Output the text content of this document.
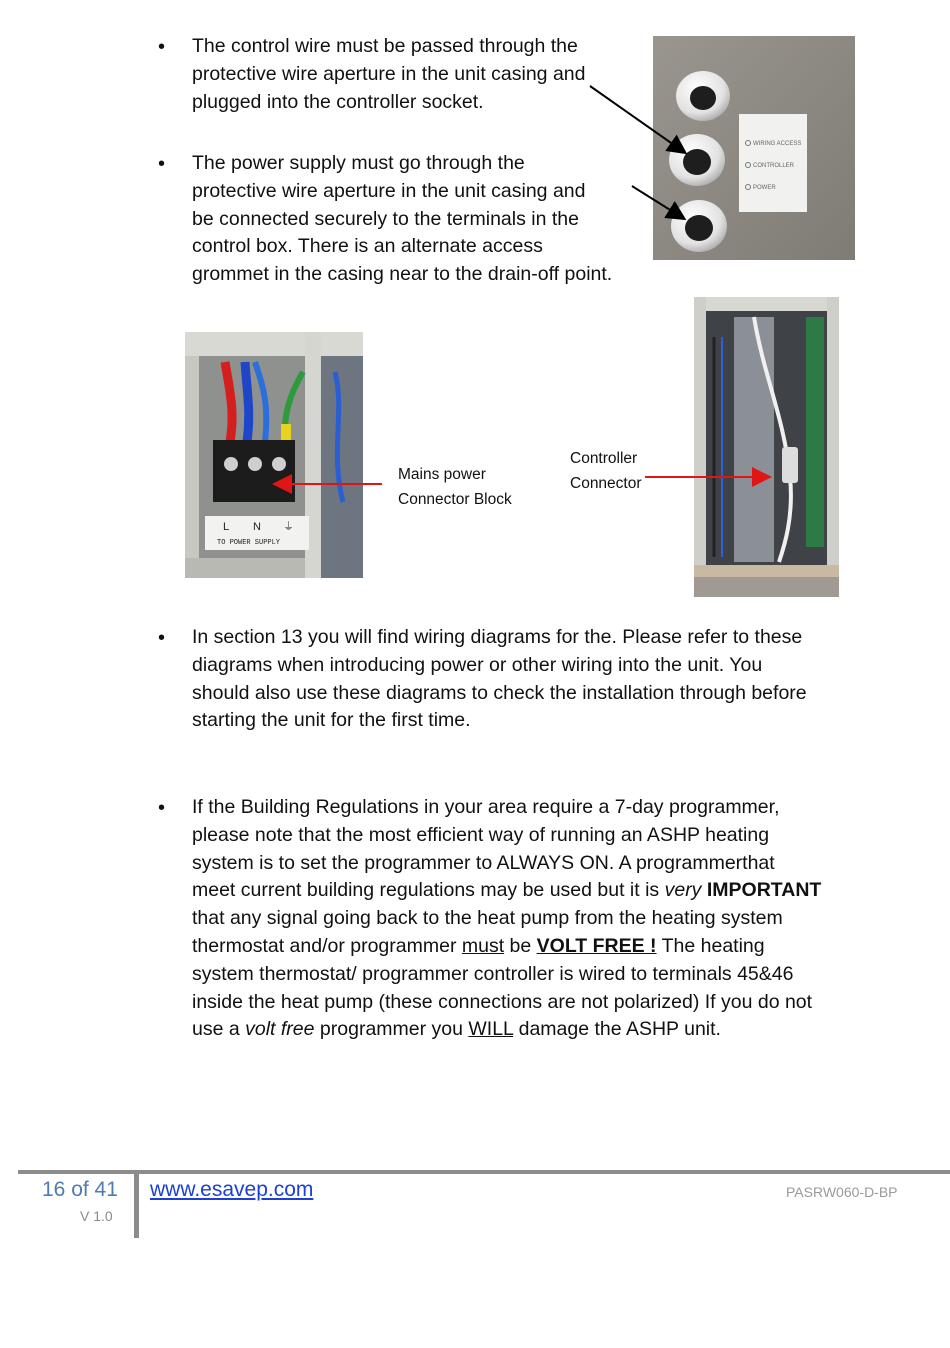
• The control wire must be passed through the

protective wire aperture in the unit casing and

plugged into the controller socket.

• The power supply must go through the

protective wire aperture in the unit casing and

be connected securely to the terminals in the

control box. There is an alternate access

grommet in the casing near to the drain-off point.

WIRING ACCESS
CONTROLLER
POWER
L N ⏚
TO POWER SUPPLY
Mains power
Connector Block
Controller
Connector
• In section 13 you will find wiring diagrams for the. Please refer to these

diagrams when introducing power or other wiring into the unit. You

should also use these diagrams to check the installation through before

starting the unit for the first time.

• If the Building Regulations in your area require a 7-day programmer,

please note that the most efficient way of running an ASHP heating

system is to set the programmer to ALWAYS ON. A programmerthat

meet current building regulations may be used but it is very IMPORTANT

that any signal going back to the heat pump from the heating system

thermostat and/or programmer must be VOLT FREE ! The heating

system thermostat/ programmer controller is wired to terminals 45&46

inside the heat pump (these connections are not polarized) If you do not

use a volt free programmer you WILL damage the ASHP unit.

16 of 41
V 1.0
www.esavep.com	PASRW060-D-BP
